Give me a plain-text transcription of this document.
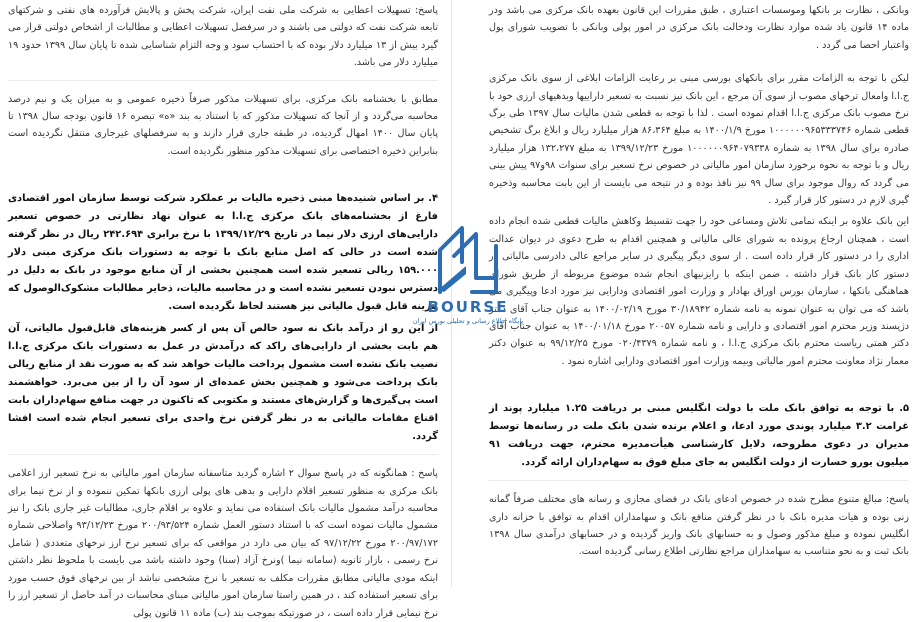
وبانکی ، نظارت بر بانکها وموسسات اعتباری ، طبق مقررات این قانون بعهده بانک مرکزی می باشد ودر ماده ۱۴ قانون یاد شده موارد نظارت ودخالت بانک مرکزی در امور پولی وبانکی با تصویب شورای پول واعتبار احصا می گردد .

لیکن با توجه به الزامات مقرر برای بانکهای بورسی مبنی بر رعایت الزامات ابلاغی از سوی بانک مرکزی ج.ا.ا وامعال ترخهای مصوب از سوی آن مرجع ، این بانک نیز نسبت به تسعیر داراییها وبدهیهای ارزی خود با نرخ مصوب بانک مرکزی ج.ا.ا اقدام نموده است . لذا با توجه به قطعی شدن مالیات سال ۱۳۹۷ طی برگ قطعی شماره ۱۰۰۰۰۰۰۹۶۵۳۳۳۷۴۶ مورخ ۱۴۰۰/۱/۹ به مبلغ ۸۶،۳۶۴ هزار میلیارد ریال و ابلاغ برگ تشخیص صادره برای سال ۱۳۹۸ به شماره ۱۰۰۰۰۰۰۹۶۴۰۷۹۳۳۸ مورخ ۱۳۹۹/۱۲/۲۳ به مبلغ ۱۳۲،۲۷۷ هزار میلیارد ریال و با توجه به نحوه برخورد سازمان امور مالیاتی در خصوص نرخ تسعیر برای سنوات ۹۸و۹۷ پیش بینی می گردد که روال موجود برای سال ۹۹ نیز نافذ بوده و در نتیجه می بایست از این بابت محاسبه وذخیره گیری لازم در دستور کار قرار گیرد .

این بانک علاوه بر اینکه تمامی تلاش ومساعی خود را جهت تقسیط وکاهش مالیات قطعی شده انجام داده است ، همچنان ارجاع پرونده به شورای عالی مالیاتی و همچنین اقدام به طرح دعوی در دیوان عدالت اداری را در دستور کار قرار داده است . از سوی دیگر پیگیری در سایر مراجع عالی دادرسی مالیاتی در دستور کار بانک قرار داشته ، ضمن اینکه با رایزنیهای انجام شده موضوع مربوطه از طریق شورای هماهنگی بانکها ، سازمان بورس اوراق بهادار و وزارت امور اقتصادی ودارایی نیز مورد ادعا وپیگیری می باشد که می توان به عنوان نمونه به نامه شماره ۳۰/۱۸۹۴۲ مورخ ۱۴۰۰/۰۲/۱۹ به عنوان جناب آقای دکتر دژپسند وزیر محترم امور اقتصادی و دارایی و نامه شماره ۲۰۰۵۷ مورخ ۱۴۰۰/۰۱/۱۸ به عنوان جناب آقای دکتر همتی ریاست محترم بانک مرکزی ج.ا.ا ، و نامه شماره ۰۲۰/۴۳۷۹ مورخ ۹۹/۱۲/۲۵ به عنوان دکتر معمار نژاد معاونت محترم امور مالیاتی وبیمه وزارت امور اقتصادی ودارایی اشاره نمود .

۵. با توجه به توافق بانک ملت با دولت انگلیس مبنی بر دریافت ۱.۲۵ میلیارد پوند از غرامت ۳.۲ میلیارد پوندی مورد ادعا، و اعلام برنده شدن بانک ملت در رسانه‌ها توسط مدیران در دعوی مطروحه، دلایل کارشناسی هیأت‌مدیره محترم، جهت دریافت ۹۱ میلیون یورو خسارت از دولت انگلیس به جای مبلغ فوق به سهام‌داران ارائه گردد.

پاسخ: مبالغ متنوع مطرح شده در خصوص ادعای بانک در فضای مجازی و رسانه های مختلف صرفاً گمانه زنی بوده و هیات مدیره بانک با در نظر گرفتن منافع بانک و سهامداران اقدام به توافق با خزانه داری انگلیس نموده و مبلغ مذکور وصول و به حسابهای بانک واریز گردیده و در حسابهای درآمدی سال ۱۳۹۸ بانک ثبت و به نحو متناسب به سهامداران مراجع نظارتی اطلاع رسانی گردیده است.

پاسخ: تسهیلات اعطایی به شرکت ملی نفت ایران، شرکت پخش و پالایش فرآورده های نفتی و شرکتهای تابعه شرکت نفت که دولتی می باشند و در سرفصل تسهیلات اعطایی و مطالبات از اشخاص دولتی قرار می گیرد بیش از ۱۳ میلیارد دلار بوده که با احتساب سود و وجه التزام شناسایی شده تا پایان سال ۱۳۹۹ حدود ۱۹ میلیارد دلار می باشد.

مطابق با بخشنامه بانک مرکزی، برای تسهیلات مذکور صرفاً ذخیره عمومی و به میزان یک و نیم درصد محاسبه می‌گردد و از آنجا که تسهیلات مذکور که با استناد به بند «ه» تبصره ۱۶ قانون بودجه سال ۱۳۹۸ تا پایان سال ۱۴۰۰ امهال گردیده، در طبقه جاری قرار دارند و به سرفصلهای غیرجاری منتقل نگردیده است بنابراین ذخیره اختصاصی برای تسهیلات مذکور منظور نگردیده است.

۴. بر اساس شنیده‌ها مبنی ذخیره مالیات بر عملکرد شرکت توسط سازمان امور اقتصادی فارغ از بخشنامه‌های بانک مرکزی ج.ا.ا به عنوان نهاد نظارتی در خصوص تسعیر دارایی‌های ارزی دلار نیما در تاریخ ۱۳۹۹/۱۲/۲۹ با نرخ برابری ۲۴۲.۶۹۴ ریال در نظر گرفته شده است در حالی که اصل منابع بانک با توجه به دستورات بانک مرکزی مبنی دلار ۱۵۹.۰۰۰ ریالی تسعیر شده است همچنین بخشی از آن منابع موجود در بانک به دلیل در دسترس نبودن تسعیر نشده است و در محاسبه مالیات، ذخایر مطالبات مشکوک‌الوصول که هزینه قابل قبول مالیاتی نیز هستند لحاظ نگردیده است.

از این رو از درآمد بانک نه سود خالص آن پس از کسر هزینه‌های قابل‌قبول مالیاتی، آن هم بابت بخشی از دارایی‌های راکد که درآمدش در عمل به دستورات بانک مرکزی ج.ا.ا نصیب بانک نشده است مشمول پرداخت مالیات خواهد شد که به صورت نقد از منابع ریالی بانک پرداخت می‌شود و همچنین بخش عمده‌ای از سود آن را از بین می‌برد. خواهشمند است پی‌گیری‌ها و گزارش‌های مستند و مکتوبی که تاکنون در جهت منافع سهام‌داران بابت اقناع مقامات مالیاتی به در نظر گرفتن نرخ واحدی برای تسعیر انجام شده است افشا گردد.

پاسخ : همانگونه که در پاسخ سوال ۲ اشاره گردید متاسفانه سازمان امور مالیاتی به نرخ تسعیر ارز اعلامی بانک مرکزی به منظور تسعیر اقلام دارایی و بدهی های پولی ارزی بانکها تمکین ننموده و از نرخ نیما برای محاسبه درآمد مشمول مالیات بانک استفاده می نماید و علاوه بر اقلام جاری، مطالبات غیر جاری بانک را نیز مشمول مالیات نموده است که با استناد دستور العمل شماره ۲۰۰/۹۳/۵۲۴ مورخ ۹۳/۱۲/۲۳ واصلاحی شماره ۲۰۰/۹۷/۱۷۲ مورخ ۹۷/۱۲/۲۲ که بیان می دارد در مواقعی که برای تسعیر نرخ ارز نرخهای متعددی ( شامل نرخ رسمی ، بازار ثانویه (سامانه نیما )ونرخ آزاد (سنا) وجود داشته باشد می بایست با ملحوظ نظر داشتن اینکه مودی مالیاتی مطابق مقررات مکلف به تسعیر با نرخ مشخصی نباشد از بین نرخهای فوق حسب مورد برای تسعیر استفاده کند ، در همین راستا سازمان امور مالیاتی مبنای محاسبات در آمد حاصل از تسعیر ارز را نرخ نیمایی قرار داده است ، در صورتیکه بموجب بند (ب) ماده ۱۱ قانون پولی

BOURSE
پایگاه اطلاع رسانی و تحلیلی بورس ایران
